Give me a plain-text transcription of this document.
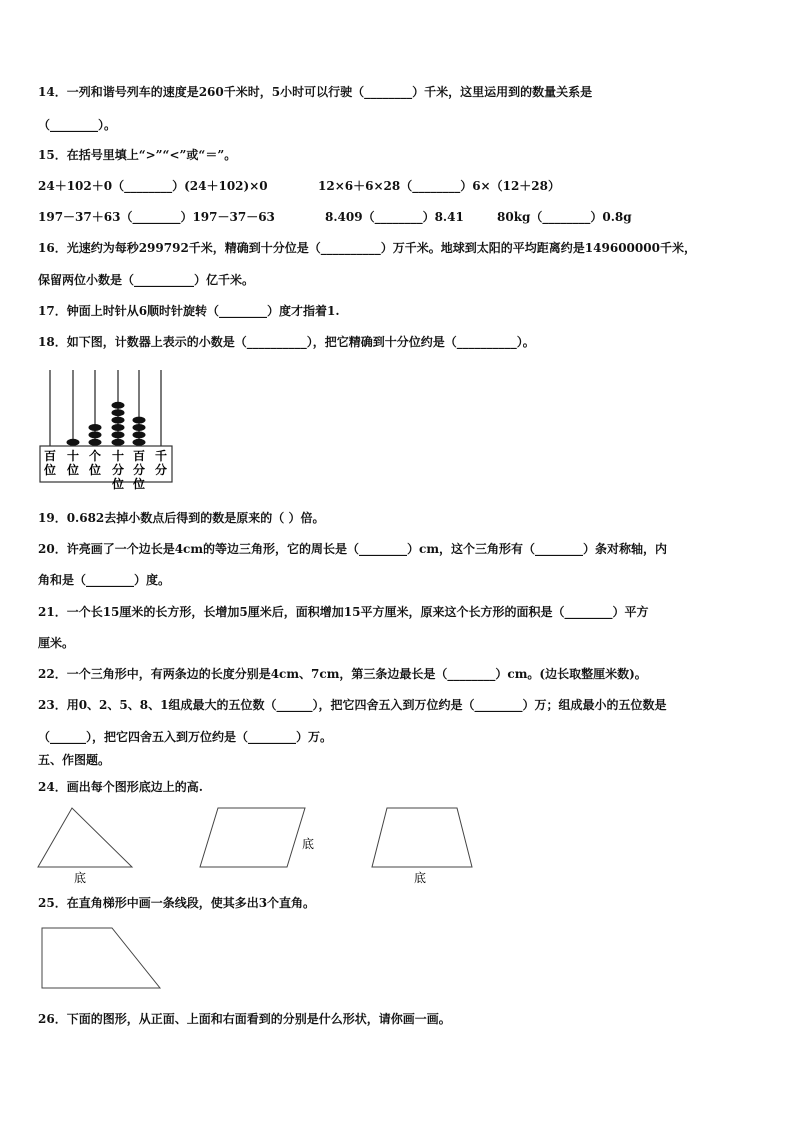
14．一列和谐号列车的速度是260千米时，5小时可以行驶（________）千米，这里运用到的数量关系是
（________）。
15．在括号里填上“>”“<”或“＝”。
24＋102＋0（________）(24＋102)×0	12×6＋6×28（________）6×（12＋28）
197－37＋63（________）197－37－63	8.409（________）8.41	80kg（________）0.8g
16．光速约为每秒299792千米，精确到十分位是（__________）万千米。地球到太阳的平均距离约是149600000千米，
保留两位小数是（__________）亿千米。
17．钟面上时针从6顺时针旋转（________）度才指着1.
18．如下图，计数器上表示的小数是（__________），把它精确到十分位约是（__________）。
百
位
十
位
个
位
十
分
位
百
分
位
千
分
19．0.682去掉小数点后得到的数是原来的（ ）倍。
20．许亮画了一个边长是4cm的等边三角形，它的周长是（________）cm，这个三角形有（________）条对称轴，内
角和是（________）度。
21．一个长15厘米的长方形，长增加5厘米后，面积增加15平方厘米，原来这个长方形的面积是（________）平方
厘米。
22．一个三角形中，有两条边的长度分别是4cm、7cm，第三条边最长是（________）cm。(边长取整厘米数)。
23．用0、2、5、8、1组成最大的五位数（______），把它四舍五入到万位约是（________）万；组成最小的五位数是
（______），把它四舍五入到万位约是（________）万。
五、作图题。
24．画出每个图形底边上的高.
底
底
底
25．在直角梯形中画一条线段，使其多出3个直角。
26．下面的图形，从正面、上面和右面看到的分别是什么形状，请你画一画。
